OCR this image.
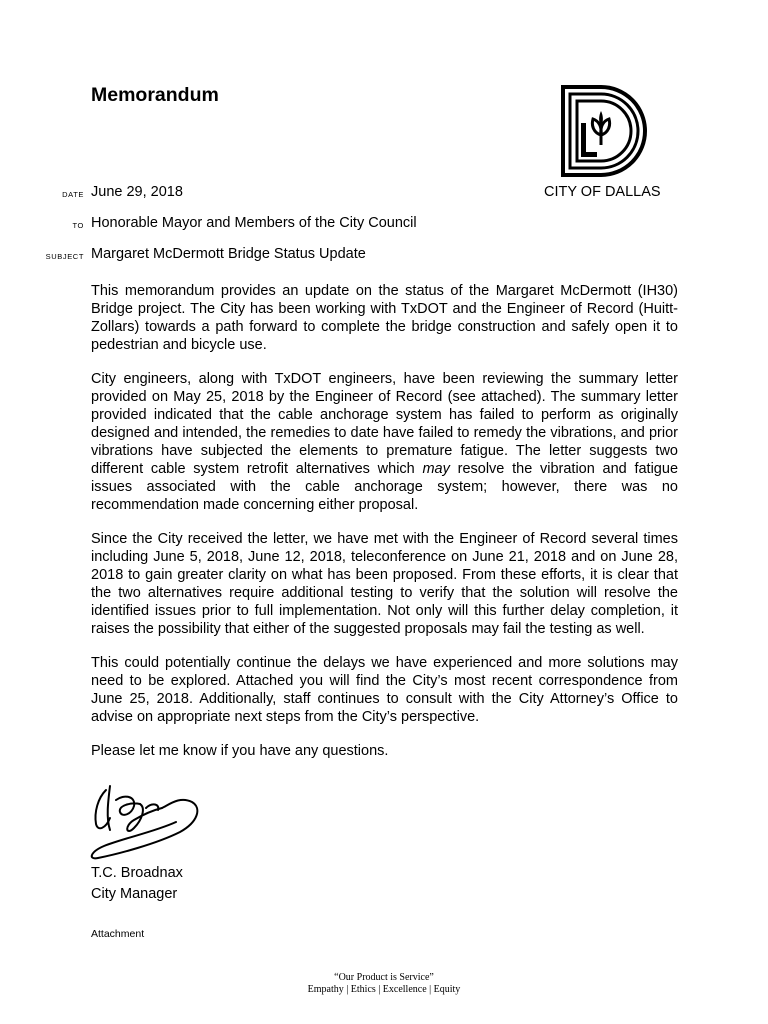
Memorandum
CITY OF DALLAS
DATE June 29, 2018
TO Honorable Mayor and Members of the City Council
SUBJECT Margaret McDermott Bridge Status Update

This memorandum provides an update on the status of the Margaret McDermott (IH30) Bridge project. The City has been working with TxDOT and the Engineer of Record (Huitt-Zollars) towards a path forward to complete the bridge construction and safely open it to pedestrian and bicycle use.

City engineers, along with TxDOT engineers, have been reviewing the summary letter provided on May 25, 2018 by the Engineer of Record (see attached). The summary letter provided indicated that the cable anchorage system has failed to perform as originally designed and intended, the remedies to date have failed to remedy the vibrations, and prior vibrations have subjected the elements to premature fatigue. The letter suggests two different cable system retrofit alternatives which may resolve the vibration and fatigue issues associated with the cable anchorage system; however, there was no recommendation made concerning either proposal.

Since the City received the letter, we have met with the Engineer of Record several times including June 5, 2018, June 12, 2018, teleconference on June 21, 2018 and on June 28, 2018 to gain greater clarity on what has been proposed. From these efforts, it is clear that the two alternatives require additional testing to verify that the solution will resolve the identified issues prior to full implementation. Not only will this further delay completion, it raises the possibility that either of the suggested proposals may fail the testing as well.

This could potentially continue the delays we have experienced and more solutions may need to be explored. Attached you will find the City’s most recent correspondence from June 25, 2018. Additionally, staff continues to consult with the City Attorney’s Office to advise on appropriate next steps from the City’s perspective.

Please let me know if you have any questions.

T.C. Broadnax
City Manager
Attachment
“Our Product is Service”
Empathy | Ethics | Excellence | Equity
